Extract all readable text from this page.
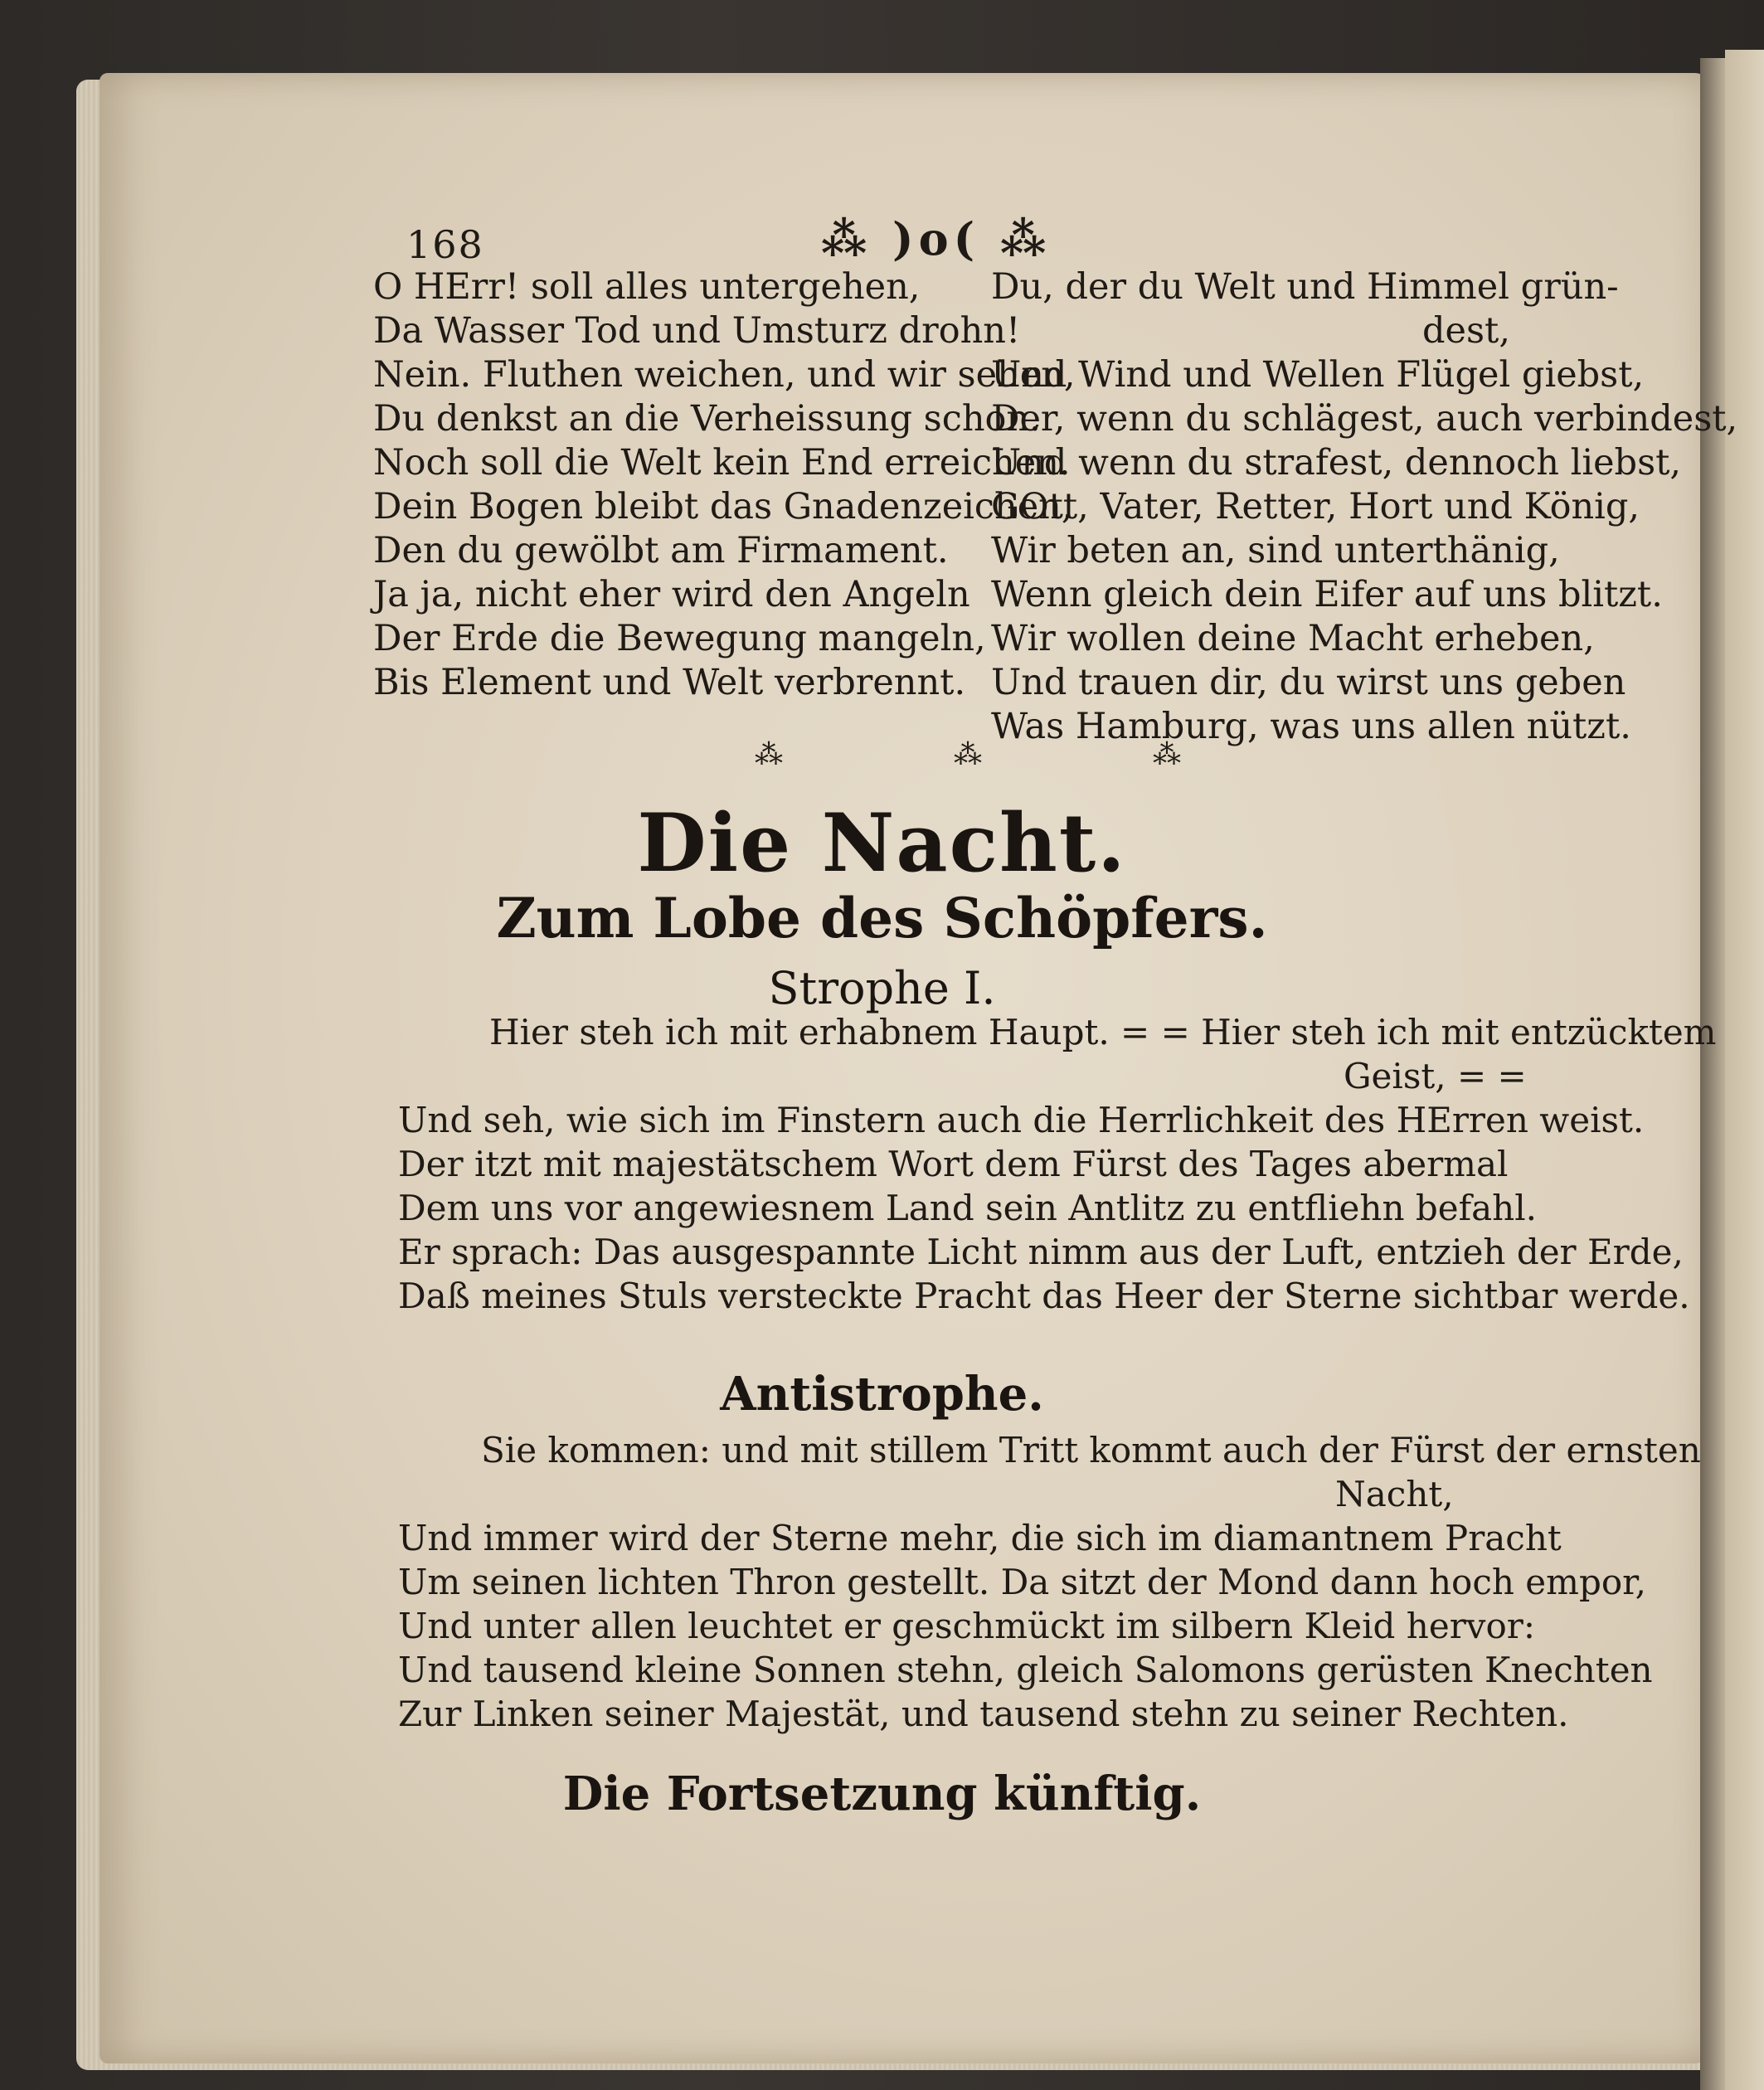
168	⁂ )o( ⁂
O HErr! soll alles untergehen,
Da Wasser Tod und Umsturz drohn!
Nein. Fluthen weichen, und wir sehen,
Du denkst an die Verheissung schon.
Noch soll die Welt kein End erreichen.
Dein Bogen bleibt das Gnadenzeichen,
Den du gewölbt am Firmament.
Ja ja, nicht eher wird den Angeln
Der Erde die Bewegung mangeln,
Bis Element und Welt verbrennt.
Du, der du Welt und Himmel grün-
dest,
Und Wind und Wellen Flügel giebst,
Der, wenn du schlägest, auch verbindest,
Und wenn du strafest, dennoch liebst,
GOtt, Vater, Retter, Hort und König,
Wir beten an, sind unterthänig,
Wenn gleich dein Eifer auf uns blitzt.
Wir wollen deine Macht erheben,
Und trauen dir, du wirst uns geben
Was Hamburg, was uns allen nützt.
⁂	⁂	⁂
Die Nacht.
Zum Lobe des Schöpfers.
Strophe I.
Hier steh ich mit erhabnem Haupt. = = Hier steh ich mit entzücktem
Geist, = =
Und seh, wie sich im Finstern auch die Herrlichkeit des HErren weist.
Der itzt mit majestätschem Wort dem Fürst des Tages abermal
Dem uns vor angewiesnem Land sein Antlitz zu entfliehn befahl.
Er sprach: Das ausgespannte Licht nimm aus der Luft, entzieh der Erde,
Daß meines Stuls versteckte Pracht das Heer der Sterne sichtbar werde.
Antistrophe.
Sie kommen: und mit stillem Tritt kommt auch der Fürst der ernsten
Nacht,
Und immer wird der Sterne mehr, die sich im diamantnem Pracht
Um seinen lichten Thron gestellt. Da sitzt der Mond dann hoch empor,
Und unter allen leuchtet er geschmückt im silbern Kleid hervor:
Und tausend kleine Sonnen stehn, gleich Salomons gerüsten Knechten
Zur Linken seiner Majestät, und tausend stehn zu seiner Rechten.
Die Fortsetzung künftig.
